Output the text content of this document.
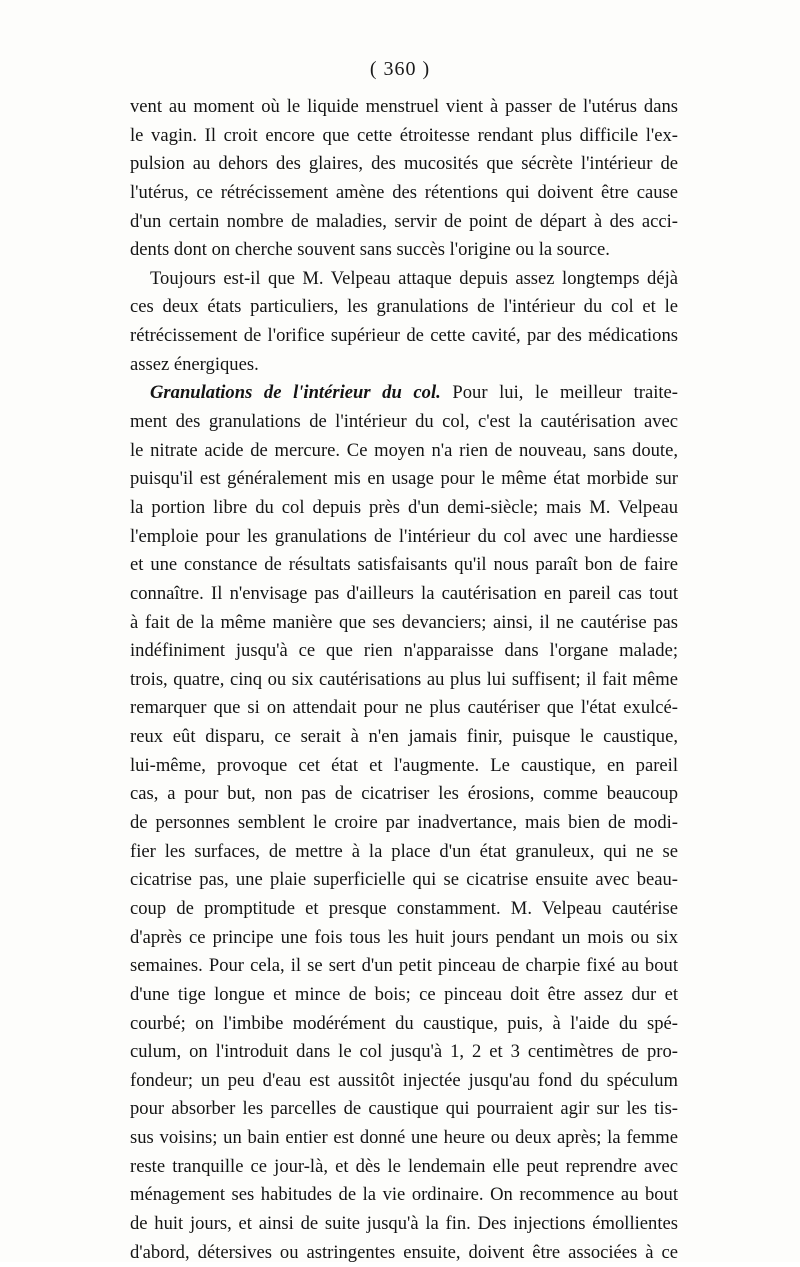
( 360 )
vent au moment où le liquide menstruel vient à passer de l'utérus dans
le vagin. Il croit encore que cette étroitesse rendant plus difficile l'ex-
pulsion au dehors des glaires, des mucosités que sécrète l'intérieur de
l'utérus, ce rétrécissement amène des rétentions qui doivent être cause
d'un certain nombre de maladies, servir de point de départ à des acci-
dents dont on cherche souvent sans succès l'origine ou la source.
Toujours est-il que M. Velpeau attaque depuis assez longtemps déjà
ces deux états particuliers, les granulations de l'intérieur du col et le
rétrécissement de l'orifice supérieur de cette cavité, par des médications
assez énergiques.
Granulations de l'intérieur du col. Pour lui, le meilleur traite-
ment des granulations de l'intérieur du col, c'est la cautérisation avec
le nitrate acide de mercure. Ce moyen n'a rien de nouveau, sans doute,
puisqu'il est généralement mis en usage pour le même état morbide sur
la portion libre du col depuis près d'un demi-siècle; mais M. Velpeau
l'emploie pour les granulations de l'intérieur du col avec une hardiesse
et une constance de résultats satisfaisants qu'il nous paraît bon de faire
connaître. Il n'envisage pas d'ailleurs la cautérisation en pareil cas tout
à fait de la même manière que ses devanciers; ainsi, il ne cautérise pas
indéfiniment jusqu'à ce que rien n'apparaisse dans l'organe malade;
trois, quatre, cinq ou six cautérisations au plus lui suffisent; il fait même
remarquer que si on attendait pour ne plus cautériser que l'état exulcé-
reux eût disparu, ce serait à n'en jamais finir, puisque le caustique,
lui-même, provoque cet état et l'augmente. Le caustique, en pareil
cas, a pour but, non pas de cicatriser les érosions, comme beaucoup
de personnes semblent le croire par inadvertance, mais bien de modi-
fier les surfaces, de mettre à la place d'un état granuleux, qui ne se
cicatrise pas, une plaie superficielle qui se cicatrise ensuite avec beau-
coup de promptitude et presque constamment. M. Velpeau cautérise
d'après ce principe une fois tous les huit jours pendant un mois ou six
semaines. Pour cela, il se sert d'un petit pinceau de charpie fixé au bout
d'une tige longue et mince de bois; ce pinceau doit être assez dur et
courbé; on l'imbibe modérément du caustique, puis, à l'aide du spé-
culum, on l'introduit dans le col jusqu'à 1, 2 et 3 centimètres de pro-
fondeur; un peu d'eau est aussitôt injectée jusqu'au fond du spéculum
pour absorber les parcelles de caustique qui pourraient agir sur les tis-
sus voisins; un bain entier est donné une heure ou deux après; la femme
reste tranquille ce jour-là, et dès le lendemain elle peut reprendre avec
ménagement ses habitudes de la vie ordinaire. On recommence au bout
de huit jours, et ainsi de suite jusqu'à la fin. Des injections émollientes
d'abord, détersives ou astringentes ensuite, doivent être associées à ce
